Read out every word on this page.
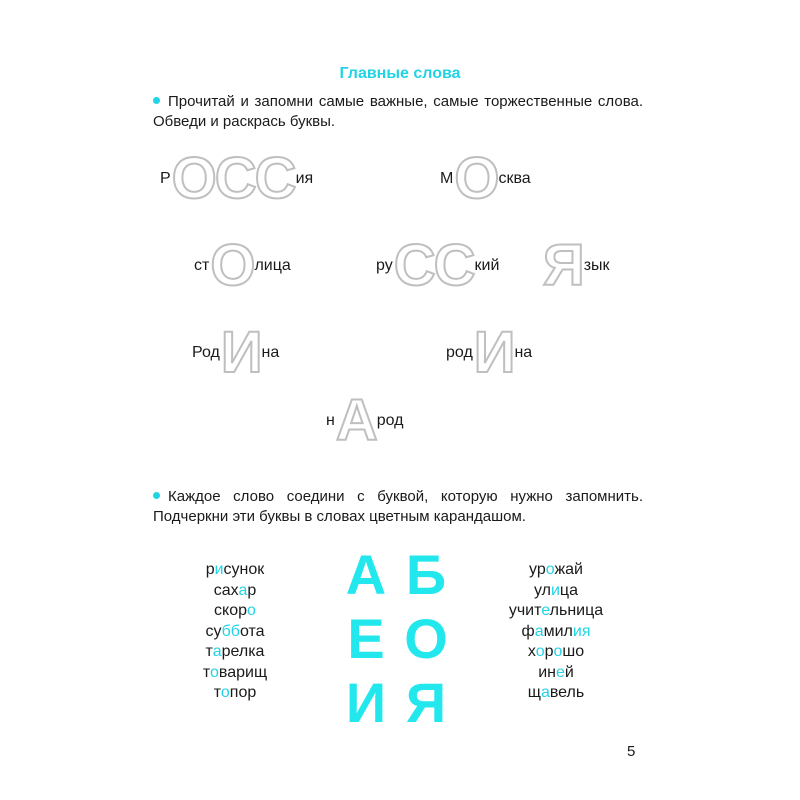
Главные слова
Прочитай и запомни самые важные, самые торжественные слова. Обведи и раскрась буквы.
Р ОСС ия	М О сква
ст О лица	ру СС кий Я зык
Род И на	род И на
н А род
Каждое слово соедини с буквой, которую нужно запомнить. Подчеркни эти буквы в словах цветным карандашом.
рисунок
сахар
скоро
суббота
тарелка
товарищ
топор
А Б
Е О
И Я
урожай
улица
учительница
фамилия
хорошо
иней
щавель
5
